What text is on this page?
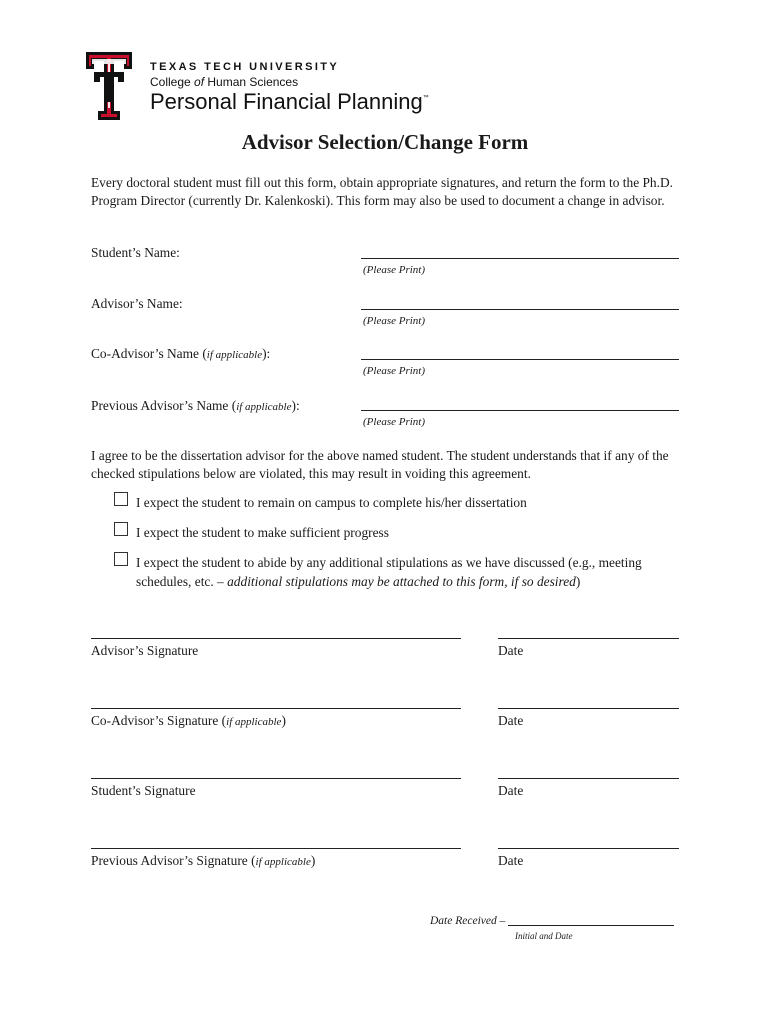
TEXAS TECH UNIVERSITY
College of Human Sciences
Personal Financial Planning™
Advisor Selection/Change Form
Every doctoral student must fill out this form, obtain appropriate signatures, and return the form to the Ph.D. Program Director (currently Dr. Kalenkoski). This form may also be used to document a change in advisor.
Student’s Name:
(Please Print)
Advisor’s Name:
(Please Print)
Co-Advisor’s Name (if applicable):
(Please Print)
Previous Advisor’s Name (if applicable):
(Please Print)
I agree to be the dissertation advisor for the above named student. The student understands that if any of the checked stipulations below are violated, this may result in voiding this agreement.
I expect the student to remain on campus to complete his/her dissertation
I expect the student to make sufficient progress
I expect the student to abide by any additional stipulations as we have discussed (e.g., meeting schedules, etc. – additional stipulations may be attached to this form, if so desired)
Advisor’s Signature	Date
Co-Advisor’s Signature (if applicable)	Date
Student’s Signature	Date
Previous Advisor’s Signature (if applicable)	Date
Date Received –
Initial and Date
